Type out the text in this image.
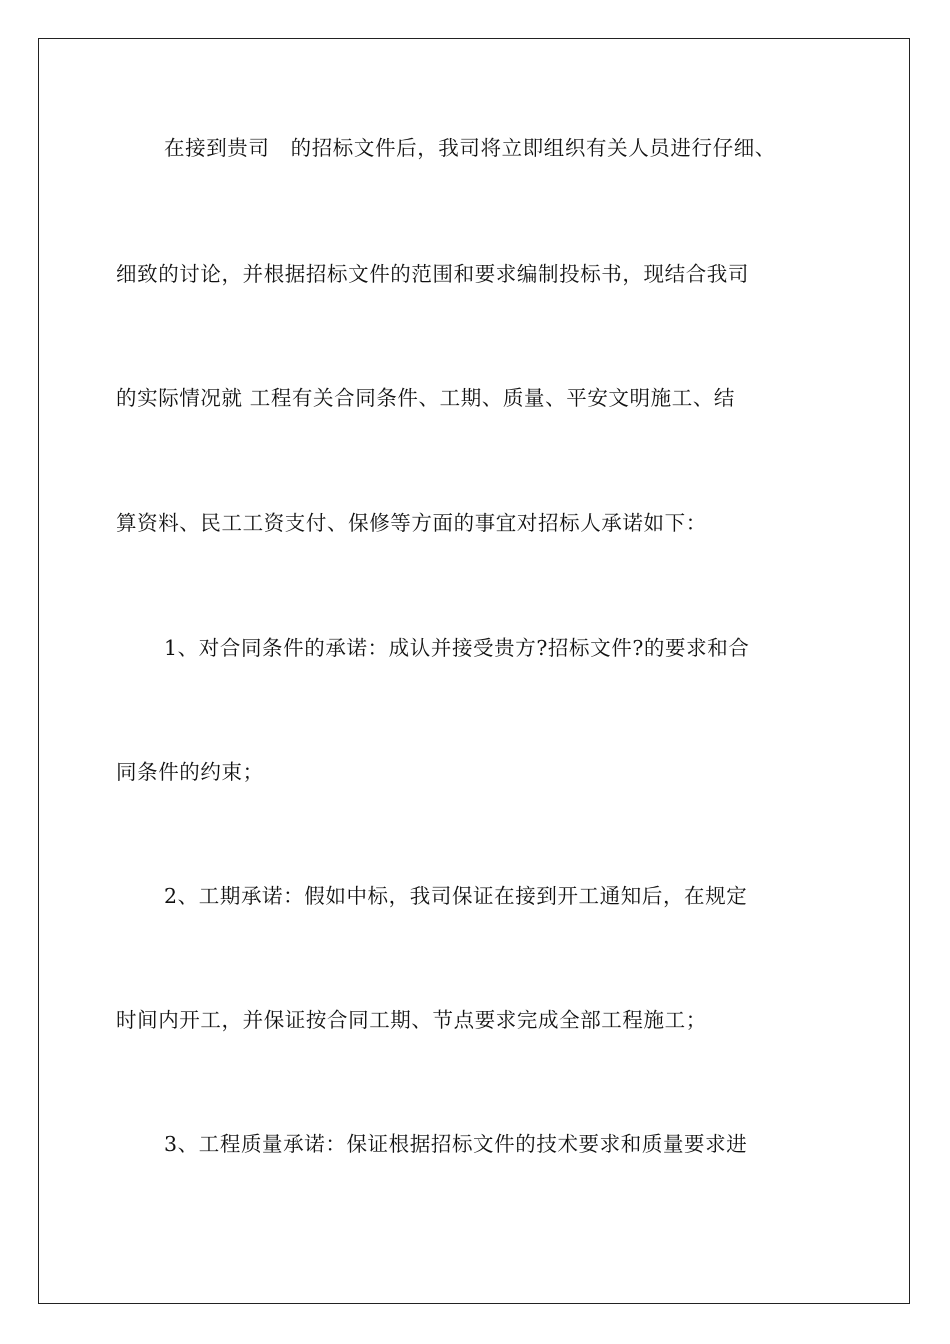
在接到贵司　的招标文件后，我司将立即组织有关人员进行仔细、
细致的讨论，并根据招标文件的范围和要求编制投标书，现结合我司
的实际情况就 工程有关合同条件、工期、质量、平安文明施工、结
算资料、民工工资支付、保修等方面的事宜对招标人承诺如下：
1、对合同条件的承诺：成认并接受贵方?招标文件?的要求和合
同条件的约束；
2、工期承诺：假如中标，我司保证在接到开工通知后，在规定
时间内开工，并保证按合同工期、节点要求完成全部工程施工；
3、工程质量承诺：保证根据招标文件的技术要求和质量要求进
